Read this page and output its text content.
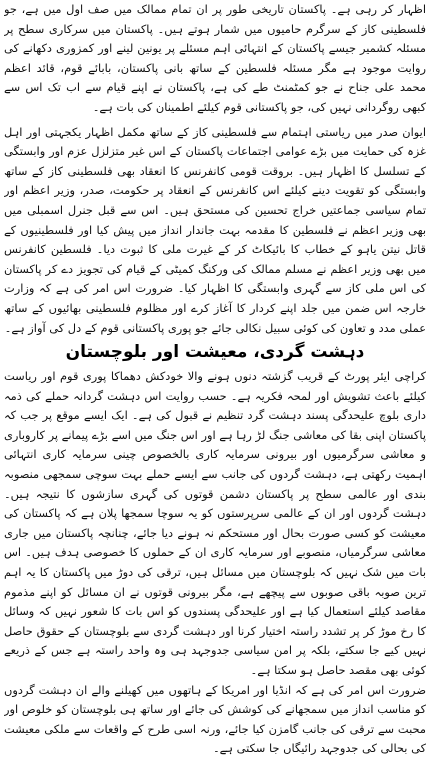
اظہار کر رہی ہے۔ پاکستان تاریخی طور پر ان تمام ممالک میں صف اول میں ہے، جو فلسطینی کاز کے سرگرم حامیوں میں شمار ہوتے ہیں۔ پاکستان میں سرکاری سطح پر مسئلہ کشمیر جیسے پاکستان کے انتہائی اہم مسئلے پر یونین لینے اور کمزوری دکھانے کی روایت موجود ہے مگر مسئلہ فلسطین کے ساتھ بانی پاکستان، بابائے قوم، قائد اعظم محمد علی جناح نے جو کمٹمنٹ طے کی ہے، پاکستان نے اپنے قیام سے اب تک اس سے کبھی روگردانی نہیں کی، جو پاکستانی قوم کیلئے اطمینان کی بات ہے۔

ایوان صدر میں ریاستی اہتمام سے فلسطینی کاز کے ساتھ مکمل اظہار یکجہتی اور اہل غزہ کی حمایت میں بڑے عوامی اجتماعات پاکستان کے اس غیر متزلزل عزم اور وابستگی کے تسلسل کا اظہار ہیں۔ بروقت قومی کانفرنس کا انعقاد بھی فلسطینی کاز کے ساتھ وابستگی کو تقویت دینے کیلئے اس کانفرنس کے انعقاد پر حکومت، صدر، وزیر اعظم اور تمام سیاسی جماعتیں خراج تحسین کی مستحق ہیں۔ اس سے قبل جنرل اسمبلی میں بھی وزیر اعظم نے فلسطین کا مقدمہ بہت جاندار انداز میں پیش کیا اور فلسطینیوں کے قاتل نیتن یاہو کے خطاب کا بائیکاٹ کر کے غیرت ملی کا ثبوت دیا۔ فلسطین کانفرنس میں بھی وزیر اعظم نے مسلم ممالک کی ورکنگ کمیٹی کے قیام کی تجویز دے کر پاکستان کی اس ملی کاز سے گہری وابستگی کا اظہار کیا۔ ضرورت اس امر کی ہے کہ وزارت خارجہ اس ضمن میں جلد اپنے کردار کا آغاز کرے اور مظلوم فلسطینی بھائیوں کے ساتھ عملی مدد و تعاون کی کوئی سبیل نکالی جائے جو پوری پاکستانی قوم کے دل کی آواز ہے۔

دہشت گردی، معیشت اور بلوچستان

کراچی ایئر پورٹ کے قریب گزشتہ دنوں ہونے والا خودکش دھماکا پوری قوم اور ریاست کیلئے باعث تشویش اور لمحہ فکریہ ہے۔ حسب روایت اس دہشت گردانہ حملے کی ذمہ داری بلوچ علیحدگی پسند دہشت گرد تنظیم نے قبول کی ہے۔ ایک ایسے موقع پر جب کہ پاکستان اپنی بقا کی معاشی جنگ لڑ رہا ہے اور اس جنگ میں اسے بڑے پیمانے پر کاروباری و معاشی سرگرمیوں اور بیرونی سرمایہ کاری بالخصوص چینی سرمایہ کاری انتہائی اہمیت رکھتی ہے، دہشت گردوں کی جانب سے ایسے حملے بہت سوچی سمجھی منصوبہ بندی اور عالمی سطح پر پاکستان دشمن قوتوں کی گہری سازشوں کا نتیجہ ہیں۔ دہشت گردوں اور ان کے عالمی سرپرستوں کو یہ سوچا سمجھا پلان ہے کہ پاکستان کی معیشت کو کسی صورت بحال اور مستحکم نہ ہونے دیا جائے، چنانچہ پاکستان میں جاری معاشی سرگرمیاں، منصوبے اور سرمایہ کاری ان کے حملوں کا خصوصی ہدف ہیں۔ اس بات میں شک نہیں کہ بلوچستان میں مسائل ہیں، ترقی کی دوڑ میں پاکستان کا یہ اہم ترین صوبہ باقی صوبوں سے پیچھے ہے، مگر بیرونی قوتوں نے ان مسائل کو اپنے مذموم مقاصد کیلئے استعمال کیا ہے اور علیحدگی پسندوں کو اس بات کا شعور نہیں کہ وسائل کا رخ موڑ کر پر تشدد راستہ اختیار کرنا اور دہشت گردی سے بلوچستان کے حقوق حاصل نہیں کیے جا سکتے، بلکہ پر امن سیاسی جدوجہد ہی وہ واحد راستہ ہے جس کے ذریعے کوئی بھی مقصد حاصل ہو سکتا ہے۔

ضرورت اس امر کی ہے کہ انڈیا اور امریکا کے ہاتھوں میں کھیلنے والے ان دہشت گردوں کو مناسب انداز میں سمجھانے کی کوشش کی جائے اور ساتھ ہی بلوچستان کو خلوص اور محبت سے ترقی کی جانب گامزن کیا جائے، ورنہ اسی طرح کے واقعات سے ملکی معیشت کی بحالی کی جدوجہد رائیگاں جا سکتی ہے۔
